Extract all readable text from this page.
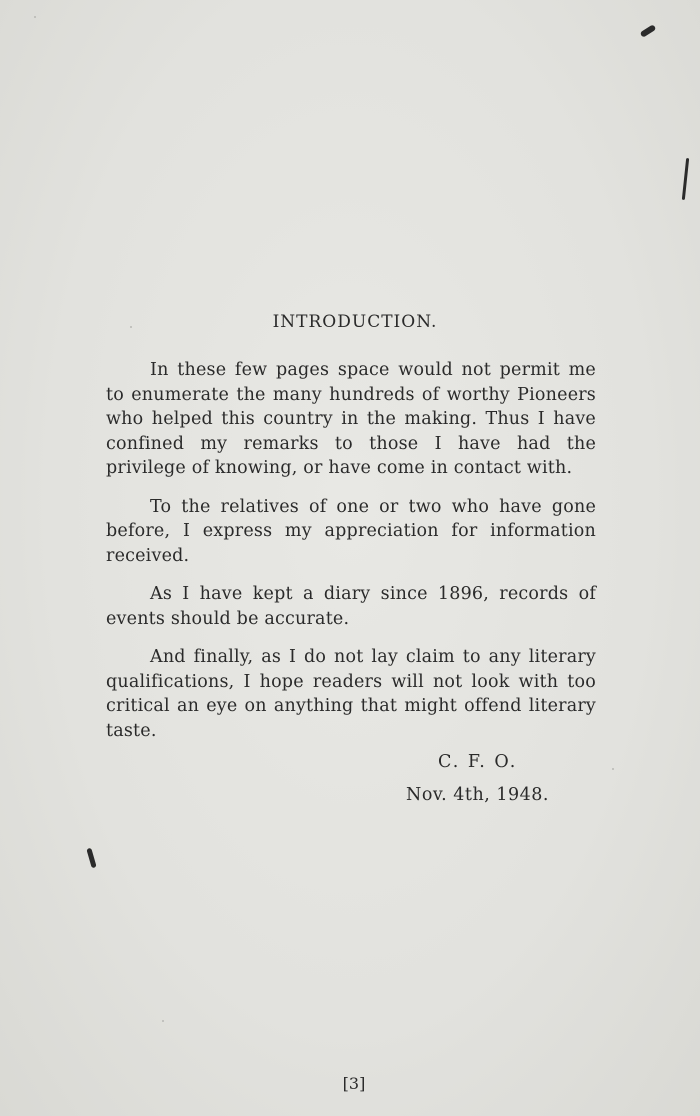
INTRODUCTION.

In these few pages space would not permit me to enumerate the many hundreds of worthy Pioneers who helped this country in the making. Thus I have confined my remarks to those I have had the privilege of knowing, or have come in contact with.

To the relatives of one or two who have gone before, I express my appreciation for information received.

As I have kept a diary since 1896, records of events should be accurate.

And finally, as I do not lay claim to any literary qualifications, I hope readers will not look with too critical an eye on anything that might offend literary taste.

C. F. O.
Nov. 4th, 1948.
[3]
